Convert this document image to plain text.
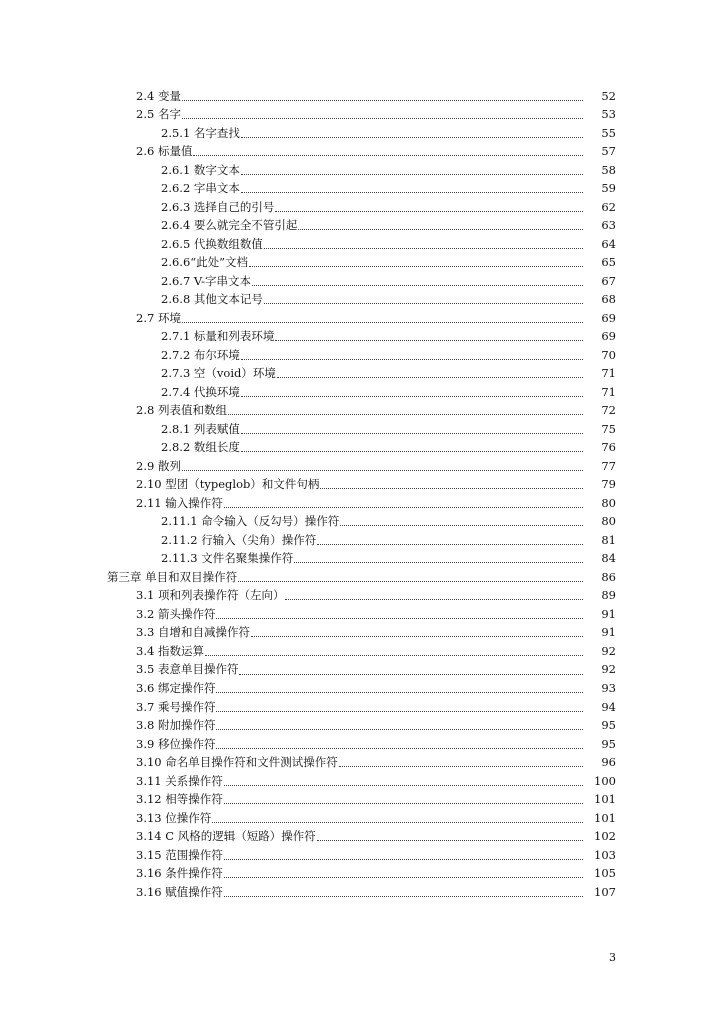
2.4 变量	52
2.5 名字	53
2.5.1 名字查找	55
2.6 标量值	57
2.6.1 数字文本	58
2.6.2 字串文本	59
2.6.3 选择自己的引号	62
2.6.4 要么就完全不管引起	63
2.6.5 代换数组数值	64
2.6.6“此处”文档	65
2.6.7 V-字串文本	67
2.6.8 其他文本记号	68
2.7 环境	69
2.7.1 标量和列表环境	69
2.7.2 布尔环境	70
2.7.3 空（void）环境	71
2.7.4 代换环境	71
2.8 列表值和数组	72
2.8.1 列表赋值	75
2.8.2 数组长度	76
2.9 散列	77
2.10 型团（typeglob）和文件句柄	79
2.11 输入操作符	80
2.11.1 命令输入（反勾号）操作符	80
2.11.2 行输入（尖角）操作符	81
2.11.3 文件名聚集操作符	84
第三章 单目和双目操作符	86
3.1 项和列表操作符（左向）	89
3.2 箭头操作符	91
3.3 自增和自减操作符	91
3.4 指数运算	92
3.5 表意单目操作符	92
3.6 绑定操作符	93
3.7 乘号操作符	94
3.8 附加操作符	95
3.9 移位操作符	95
3.10 命名单目操作符和文件测试操作符	96
3.11 关系操作符	100
3.12 相等操作符	101
3.13 位操作符	101
3.14 C 风格的逻辑（短路）操作符	102
3.15 范围操作符	103
3.16 条件操作符	105
3.16 赋值操作符	107
3
